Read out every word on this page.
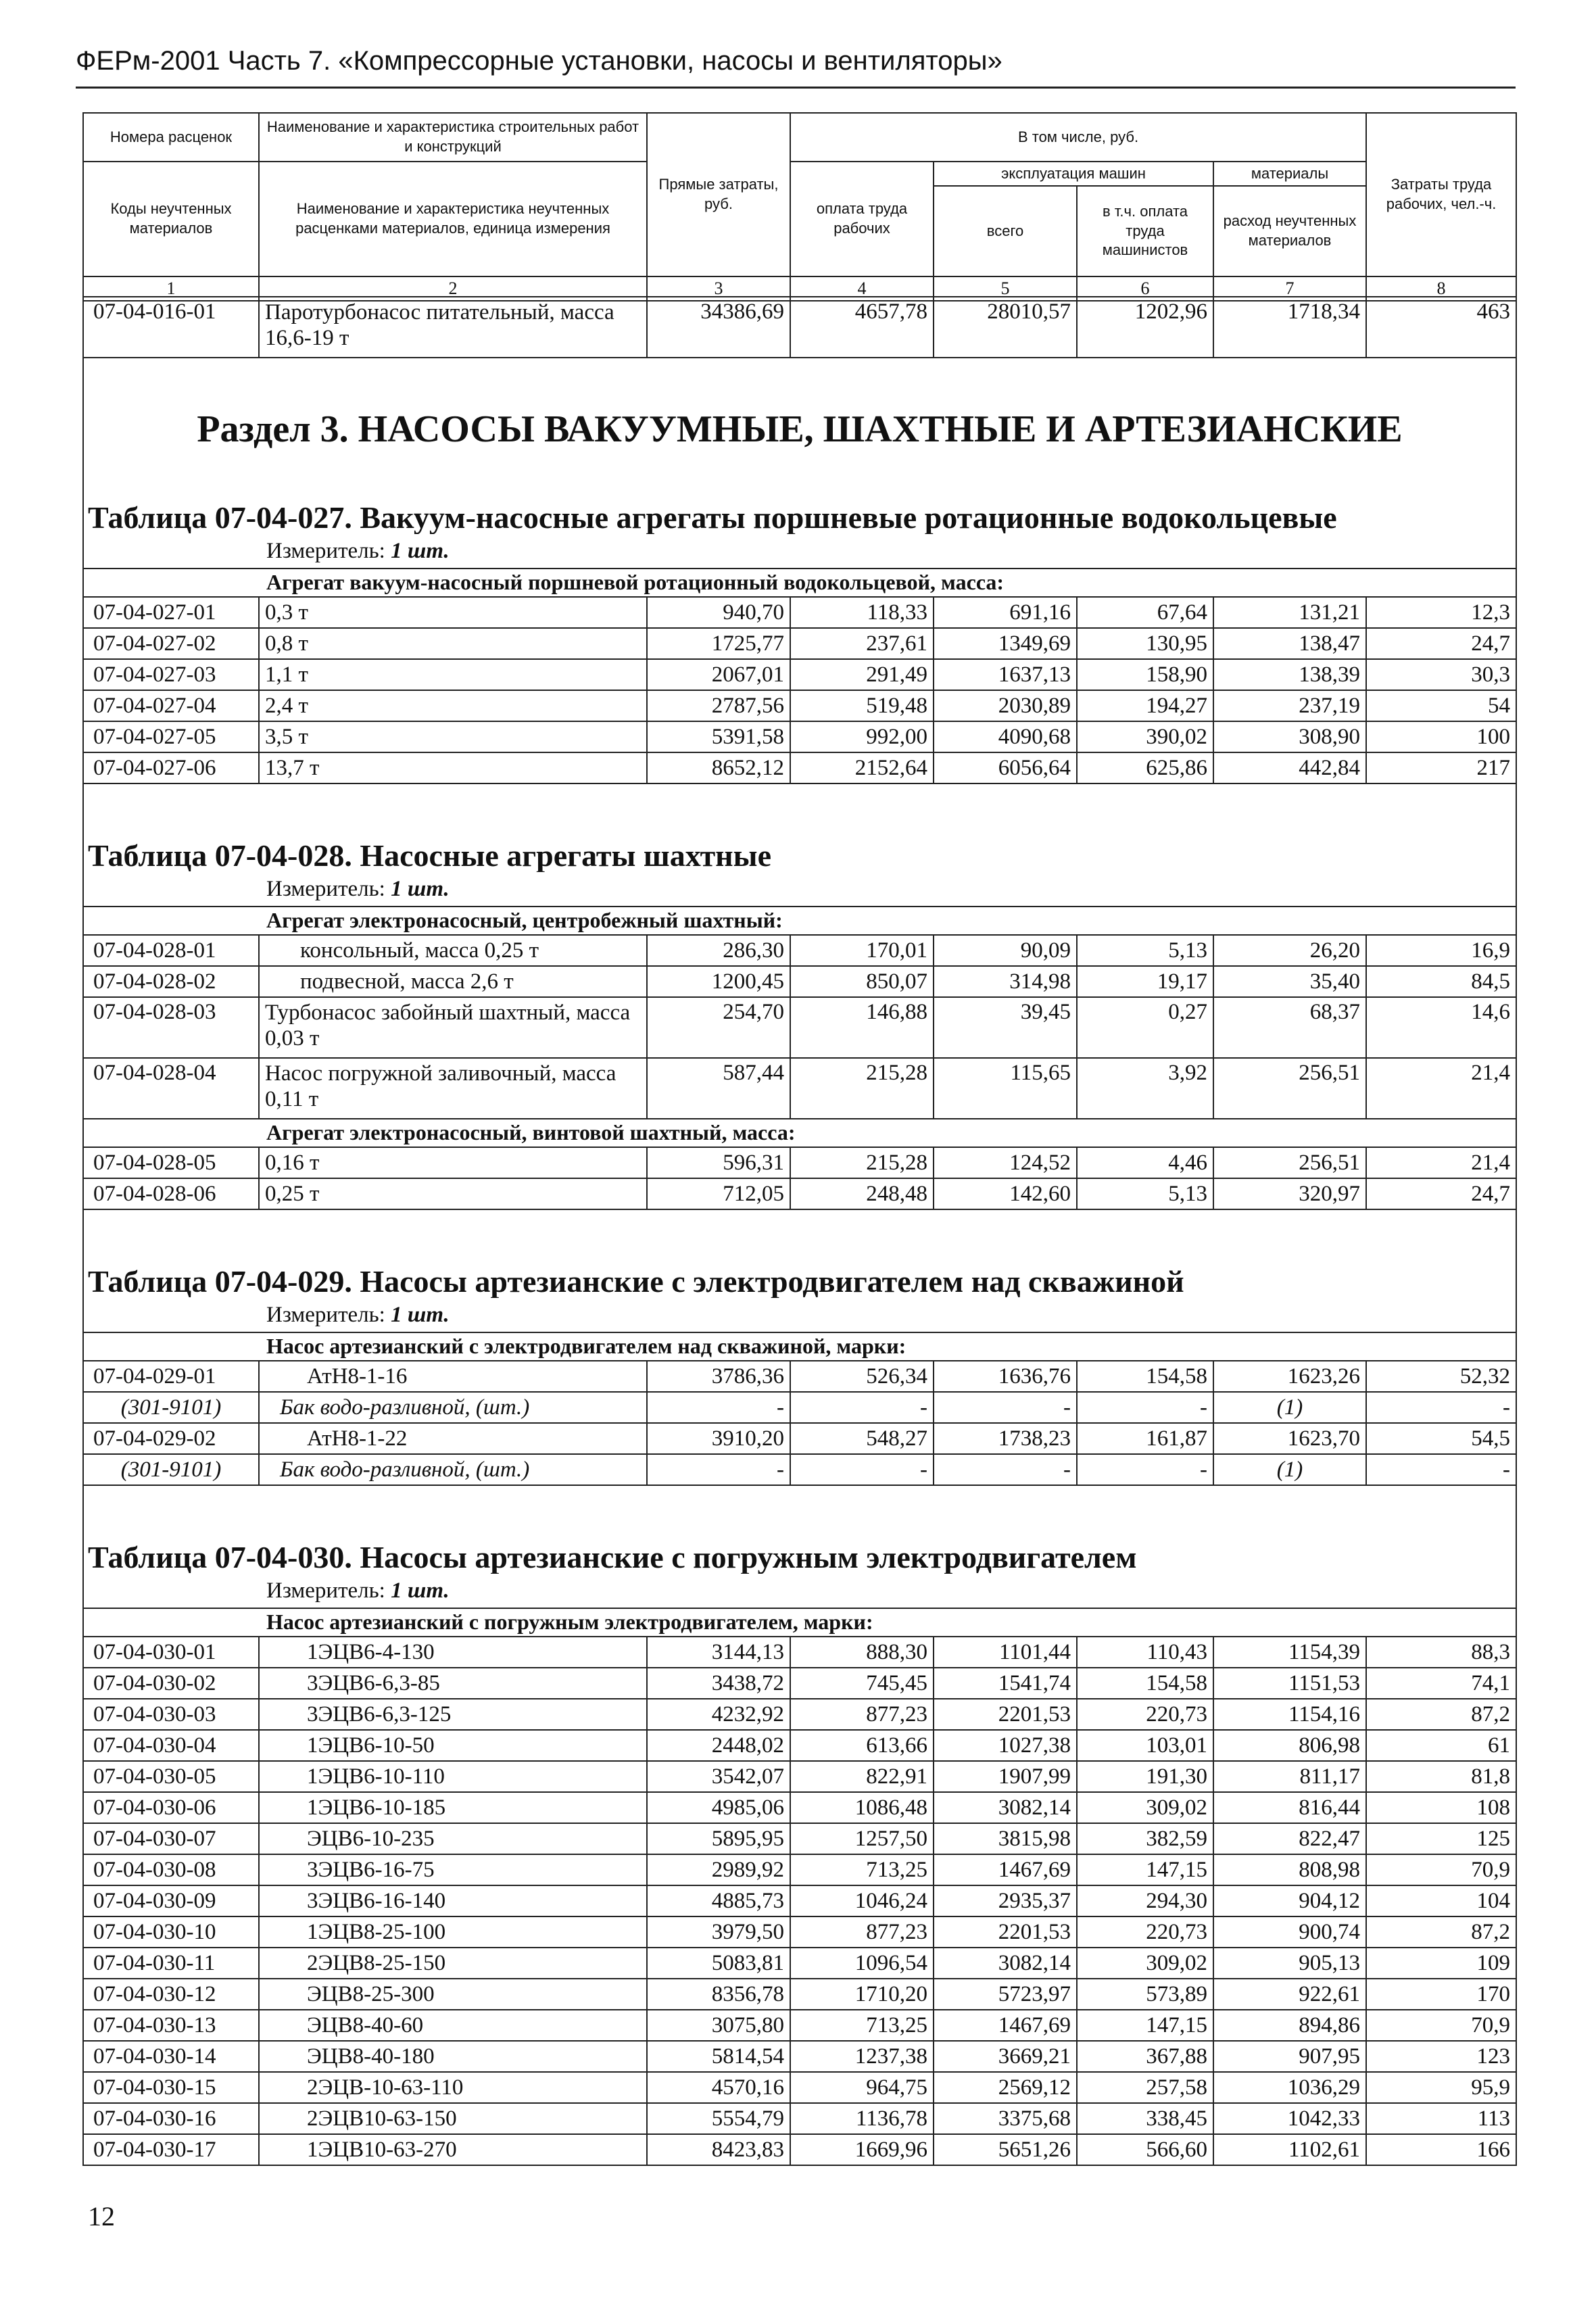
ФЕРм-2001 Часть 7. «Компрессорные установки, насосы и вентиляторы»
Номера расценок	Наименование и характеристика строительных работ и конструкций	Прямые затраты, руб.	В том числе, руб.				Затраты труда рабочих, чел.-ч.
Коды неучтенных материалов	Наименование и характеристика неучтенных расценками материалов, единица измерения		оплата труда рабочих	эксплуатация машин		материалы	
				всего	в т.ч. оплата труда машинистов	расход неучтенных материалов	
1	2	3	4	5	6	7	8
07-04-016-01	Паротурбонасос питательный, масса 16,6-19 т	34386,69	4657,78	28010,57	1202,96	1718,34	463
Раздел 3. НАСОСЫ ВАКУУМНЫЕ, ШАХТНЫЕ И АРТЕЗИАНСКИЕ							
Таблица 07-04-027. Вакуум-насосные агрегаты поршневые ротационные водокольцевые							
Измеритель: 1 шт.							
Агрегат вакуум-насосный поршневой ротационный водокольцевой, масса:							
07-04-027-01	0,3 т	940,70	118,33	691,16	67,64	131,21	12,3
07-04-027-02	0,8 т	1725,77	237,61	1349,69	130,95	138,47	24,7
07-04-027-03	1,1 т	2067,01	291,49	1637,13	158,90	138,39	30,3
07-04-027-04	2,4 т	2787,56	519,48	2030,89	194,27	237,19	54
07-04-027-05	3,5 т	5391,58	992,00	4090,68	390,02	308,90	100
07-04-027-06	13,7 т	8652,12	2152,64	6056,64	625,86	442,84	217
Таблица 07-04-028. Насосные агрегаты шахтные							
Измеритель: 1 шт.							
Агрегат электронасосный, центробежный шахтный:							
07-04-028-01	консольный, масса 0,25 т	286,30	170,01	90,09	5,13	26,20	16,9
07-04-028-02	подвесной, масса 2,6 т	1200,45	850,07	314,98	19,17	35,40	84,5
07-04-028-03	Турбонасос забойный шахтный, масса 0,03 т	254,70	146,88	39,45	0,27	68,37	14,6
07-04-028-04	Насос погружной заливочный, масса 0,11 т	587,44	215,28	115,65	3,92	256,51	21,4
Агрегат электронасосный, винтовой шахтный, масса:							
07-04-028-05	0,16 т	596,31	215,28	124,52	4,46	256,51	21,4
07-04-028-06	0,25 т	712,05	248,48	142,60	5,13	320,97	24,7
Таблица 07-04-029. Насосы артезианские с электродвигателем над скважиной							
Измеритель: 1 шт.							
Насос артезианский с электродвигателем над скважиной, марки:							
07-04-029-01	АтН8-1-16	3786,36	526,34	1636,76	154,58	1623,26	52,32
(301-9101)	Бак водо-разливной, (шт.)	-	-	-	-	(1)	-
07-04-029-02	АтН8-1-22	3910,20	548,27	1738,23	161,87	1623,70	54,5
(301-9101)	Бак водо-разливной, (шт.)	-	-	-	-	(1)	-
Таблица 07-04-030. Насосы артезианские с погружным электродвигателем							
Измеритель: 1 шт.							
Насос артезианский с погружным электродвигателем, марки:							
07-04-030-01	1ЭЦВ6-4-130	3144,13	888,30	1101,44	110,43	1154,39	88,3
07-04-030-02	3ЭЦВ6-6,3-85	3438,72	745,45	1541,74	154,58	1151,53	74,1
07-04-030-03	3ЭЦВ6-6,3-125	4232,92	877,23	2201,53	220,73	1154,16	87,2
07-04-030-04	1ЭЦВ6-10-50	2448,02	613,66	1027,38	103,01	806,98	61
07-04-030-05	1ЭЦВ6-10-110	3542,07	822,91	1907,99	191,30	811,17	81,8
07-04-030-06	1ЭЦВ6-10-185	4985,06	1086,48	3082,14	309,02	816,44	108
07-04-030-07	ЭЦВ6-10-235	5895,95	1257,50	3815,98	382,59	822,47	125
07-04-030-08	3ЭЦВ6-16-75	2989,92	713,25	1467,69	147,15	808,98	70,9
07-04-030-09	3ЭЦВ6-16-140	4885,73	1046,24	2935,37	294,30	904,12	104
07-04-030-10	1ЭЦВ8-25-100	3979,50	877,23	2201,53	220,73	900,74	87,2
07-04-030-11	2ЭЦВ8-25-150	5083,81	1096,54	3082,14	309,02	905,13	109
07-04-030-12	ЭЦВ8-25-300	8356,78	1710,20	5723,97	573,89	922,61	170
07-04-030-13	ЭЦВ8-40-60	3075,80	713,25	1467,69	147,15	894,86	70,9
07-04-030-14	ЭЦВ8-40-180	5814,54	1237,38	3669,21	367,88	907,95	123
07-04-030-15	2ЭЦВ-10-63-110	4570,16	964,75	2569,12	257,58	1036,29	95,9
07-04-030-16	2ЭЦВ10-63-150	5554,79	1136,78	3375,68	338,45	1042,33	113
07-04-030-17	1ЭЦВ10-63-270	8423,83	1669,96	5651,26	566,60	1102,61	166
12
